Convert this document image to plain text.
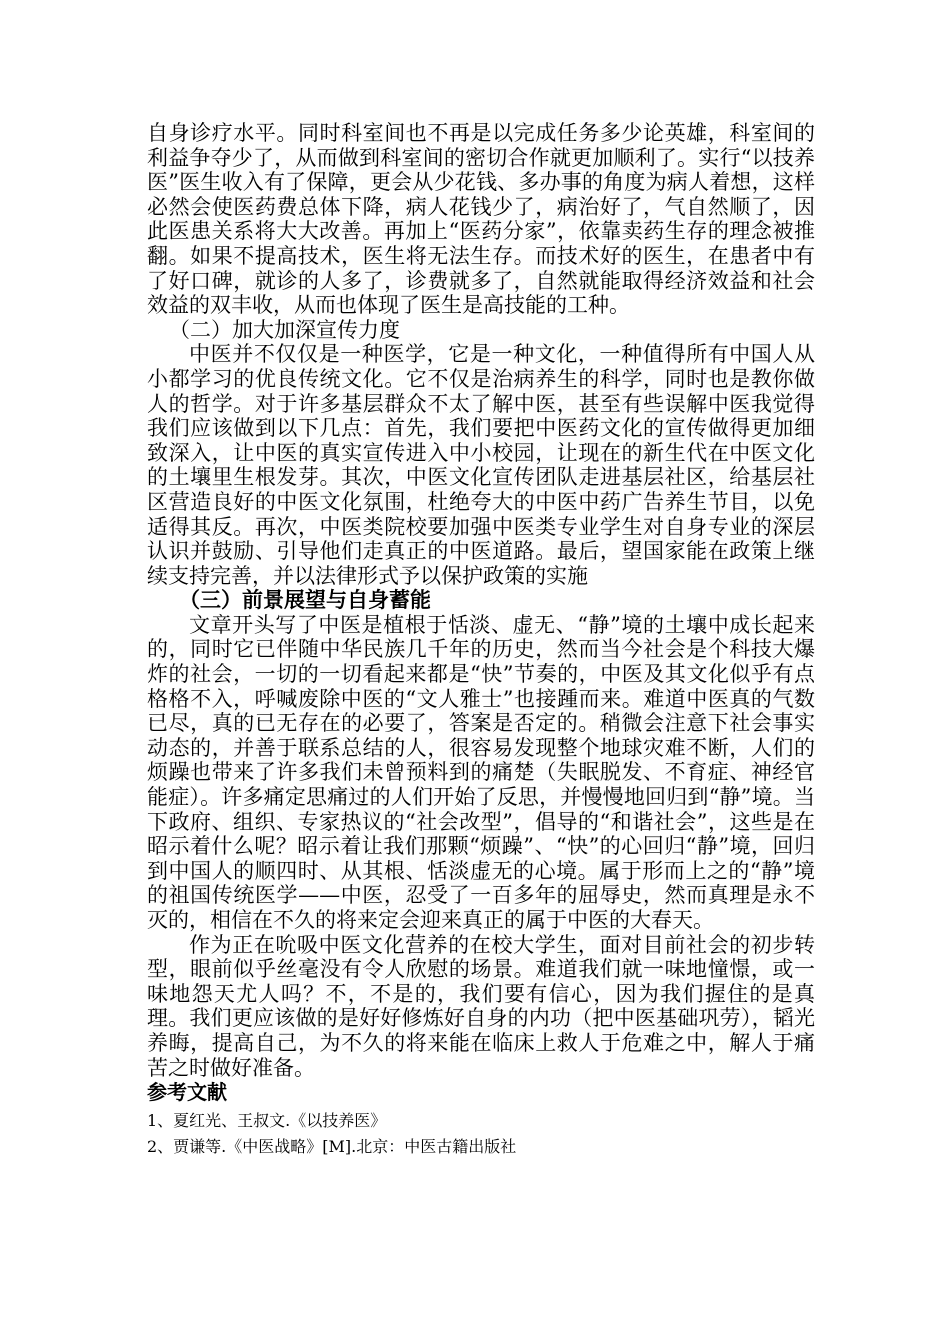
自身诊疗水平。同时科室间也不再是以完成任务多少论英雄，科室间的利益争夺少了，从而做到科室间的密切合作就更加顺利了。实行“以技养医”医生收入有了保障，更会从少花钱、多办事的角度为病人着想，这样必然会使医药费总体下降，病人花钱少了，病治好了，气自然顺了，因此医患关系将大大改善。再加上“医药分家”，依靠卖药生存的理念被推翻。如果不提高技术，医生将无法生存。而技术好的医生，在患者中有了好口碑，就诊的人多了，诊费就多了，自然就能取得经济效益和社会效益的双丰收，从而也体现了医生是高技能的工种。

（二）加大加深宣传力度

中医并不仅仅是一种医学，它是一种文化，一种值得所有中国人从小都学习的优良传统文化。它不仅是治病养生的科学，同时也是教你做人的哲学。对于许多基层群众不太了解中医，甚至有些误解中医我觉得我们应该做到以下几点：首先，我们要把中医药文化的宣传做得更加细致深入，让中医的真实宣传进入中小校园，让现在的新生代在中医文化的土壤里生根发芽。其次，中医文化宣传团队走进基层社区，给基层社区营造良好的中医文化氛围，杜绝夸大的中医中药广告养生节目，以免适得其反。再次，中医类院校要加强中医类专业学生对自身专业的深层认识并鼓励、引导他们走真正的中医道路。最后，望国家能在政策上继续支持完善，并以法律形式予以保护政策的实施

（三）前景展望与自身蓄能

文章开头写了中医是植根于恬淡、虚无、“静”境的土壤中成长起来的，同时它已伴随中华民族几千年的历史，然而当今社会是个科技大爆炸的社会，一切的一切看起来都是“快”节奏的，中医及其文化似乎有点格格不入，呼喊废除中医的“文人雅士”也接踵而来。难道中医真的气数已尽，真的已无存在的必要了，答案是否定的。稍微会注意下社会事实动态的，并善于联系总结的人，很容易发现整个地球灾难不断，人们的烦躁也带来了许多我们未曾预料到的痛楚（失眠脱发、不育症、神经官能症）。许多痛定思痛过的人们开始了反思，并慢慢地回归到“静”境。当下政府、组织、专家热议的“社会改型”，倡导的“和谐社会”，这些是在昭示着什么呢？昭示着让我们那颗“烦躁”、“快”的心回归“静”境，回归到中国人的顺四时、从其根、恬淡虚无的心境。属于形而上之的“静”境的祖国传统医学——中医，忍受了一百多年的屈辱史，然而真理是永不灭的，相信在不久的将来定会迎来真正的属于中医的大春天。

作为正在吮吸中医文化营养的在校大学生，面对目前社会的初步转型，眼前似乎丝毫没有令人欣慰的场景。难道我们就一味地憧憬，或一味地怨天尤人吗？不，不是的，我们要有信心，因为我们握住的是真理。我们更应该做的是好好修炼好自身的内功（把中医基础巩劳），韬光养晦，提高自己，为不久的将来能在临床上救人于危难之中，解人于痛苦之时做好准备。

参考文献

1、夏红光、王叔文.《以技养医》
2、贾谦等.《中医战略》[M].北京：中医古籍出版社
